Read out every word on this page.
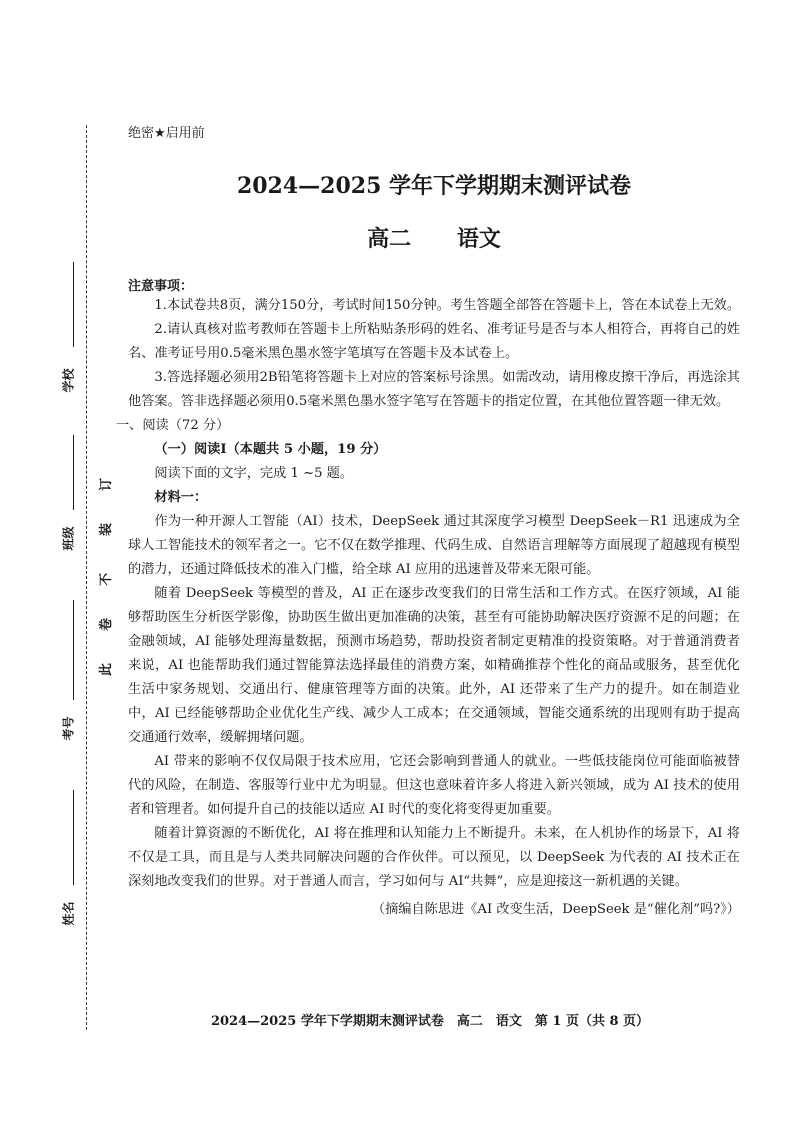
学校
班级
考号
姓名
此
卷
不
装
订
绝密★启用前
2024—2025 学年下学期期末测评试卷
高二 语文
注意事项：

1.本试卷共8页，满分150分，考试时间150分钟。考生答题全部答在答题卡上，答在本试卷上无效。

2.请认真核对监考教师在答题卡上所粘贴条形码的姓名、准考证号是否与本人相符合，再将自己的姓名、准考证号用0.5毫米黑色墨水签字笔填写在答题卡及本试卷上。

3.答选择题必须用2B铅笔将答题卡上对应的答案标号涂黑。如需改动，请用橡皮擦干净后，再选涂其他答案。答非选择题必须用0.5毫米黑色墨水签字笔写在答题卡的指定位置，在其他位置答题一律无效。

一、阅读（72 分）
（一）阅读Ⅰ（本题共 5 小题，19 分）

阅读下面的文字，完成 1 ~5 题。

材料一：

作为一种开源人工智能（AI）技术，DeepSeek 通过其深度学习模型 DeepSeek－R1 迅速成为全球人工智能技术的领军者之一。它不仅在数学推理、代码生成、自然语言理解等方面展现了超越现有模型的潜力，还通过降低技术的准入门槛，给全球 AI 应用的迅速普及带来无限可能。

随着 DeepSeek 等模型的普及，AI 正在逐步改变我们的日常生活和工作方式。在医疗领域，AI 能够帮助医生分析医学影像，协助医生做出更加准确的决策，甚至有可能协助解决医疗资源不足的问题；在金融领域，AI 能够处理海量数据，预测市场趋势，帮助投资者制定更精准的投资策略。对于普通消费者来说，AI 也能帮助我们通过智能算法选择最佳的消费方案，如精确推荐个性化的商品或服务，甚至优化生活中家务规划、交通出行、健康管理等方面的决策。此外，AI 还带来了生产力的提升。如在制造业中，AI 已经能够帮助企业优化生产线、减少人工成本；在交通领域，智能交通系统的出现则有助于提高交通通行效率，缓解拥堵问题。

AI 带来的影响不仅仅局限于技术应用，它还会影响到普通人的就业。一些低技能岗位可能面临被替代的风险，在制造、客服等行业中尤为明显。但这也意味着许多人将进入新兴领域，成为 AI 技术的使用者和管理者。如何提升自己的技能以适应 AI 时代的变化将变得更加重要。

随着计算资源的不断优化，AI 将在推理和认知能力上不断提升。未来，在人机协作的场景下，AI 将不仅是工具，而且是与人类共同解决问题的合作伙伴。可以预见，以 DeepSeek 为代表的 AI 技术正在深刻地改变我们的世界。对于普通人而言，学习如何与 AI“共舞”，应是迎接这一新机遇的关键。

（摘编自陈思进《AI 改变生活，DeepSeek 是“催化剂”吗?》）
2024—2025 学年下学期期末测评试卷　高二　语文　第 1 页（共 8 页）
